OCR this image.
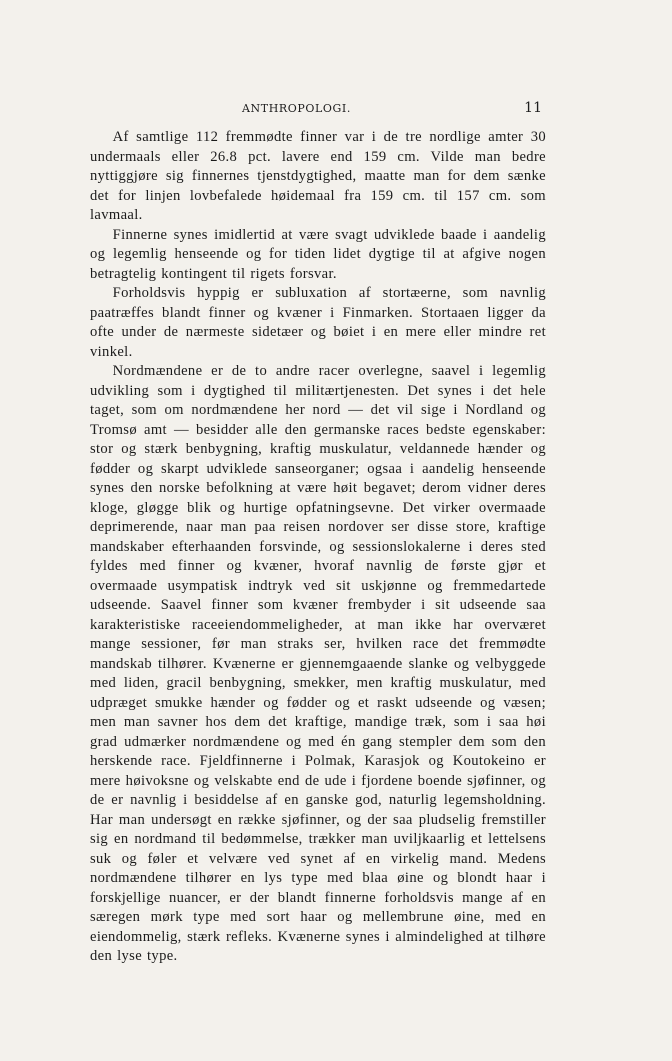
ANTHROPOLOGI.	11

Af samtlige 112 fremmødte finner var i de tre nordlige amter 30 undermaals eller 26.8 pct. lavere end 159 cm. Vilde man bedre nyttiggjøre sig finnernes tjenstdygtighed, maatte man for dem sænke det for linjen lovbefalede høidemaal fra 159 cm. til 157 cm. som lavmaal.

Finnerne synes imidlertid at være svagt udviklede baade i aandelig og legemlig henseende og for tiden lidet dygtige til at afgive nogen betragtelig kontingent til rigets forsvar.

Forholdsvis hyppig er subluxation af stortæerne, som navnlig paatræffes blandt finner og kvæner i Finmarken. Stortaaen ligger da ofte under de nærmeste sidetæer og bøiet i en mere eller mindre ret vinkel.

Nordmændene er de to andre racer overlegne, saavel i legemlig udvikling som i dygtighed til militærtjenesten. Det synes i det hele taget, som om nordmændene her nord — det vil sige i Nordland og Tromsø amt — besidder alle den germanske races bedste egenskaber: stor og stærk benbygning, kraftig muskulatur, veldannede hænder og fødder og skarpt udviklede sanseorganer; ogsaa i aandelig henseende synes den norske befolkning at være høit begavet; derom vidner deres kloge, gløgge blik og hurtige opfatningsevne. Det virker overmaade deprimerende, naar man paa reisen nordover ser disse store, kraftige mandskaber efterhaanden forsvinde, og sessionslokalerne i deres sted fyldes med finner og kvæner, hvoraf navnlig de første gjør et overmaade usympatisk indtryk ved sit uskjønne og fremmedartede udseende. Saavel finner som kvæner frembyder i sit udseende saa karakteristiske raceeiendommeligheder, at man ikke har overværet mange sessioner, før man straks ser, hvilken race det fremmødte mandskab tilhører. Kvænerne er gjennemgaaende slanke og velbyggede med liden, gracil benbygning, smekker, men kraftig muskulatur, med udpræget smukke hænder og fødder og et raskt udseende og væsen; men man savner hos dem det kraftige, mandige træk, som i saa høi grad udmærker nordmændene og med én gang stempler dem som den herskende race. Fjeldfinnerne i Polmak, Karasjok og Koutokeino er mere høivoksne og velskabte end de ude i fjordene boende sjøfinner, og de er navnlig i besiddelse af en ganske god, naturlig legemsholdning. Har man undersøgt en række sjøfinner, og der saa pludselig fremstiller sig en nordmand til bedømmelse, trækker man uviljkaarlig et lettelsens suk og føler et velvære ved synet af en virkelig mand. Medens nordmændene tilhører en lys type med blaa øine og blondt haar i forskjellige nuancer, er der blandt finnerne forholdsvis mange af en særegen mørk type med sort haar og mellembrune øine, med en eiendommelig, stærk refleks. Kvænerne synes i almindelighed at tilhøre den lyse type.
